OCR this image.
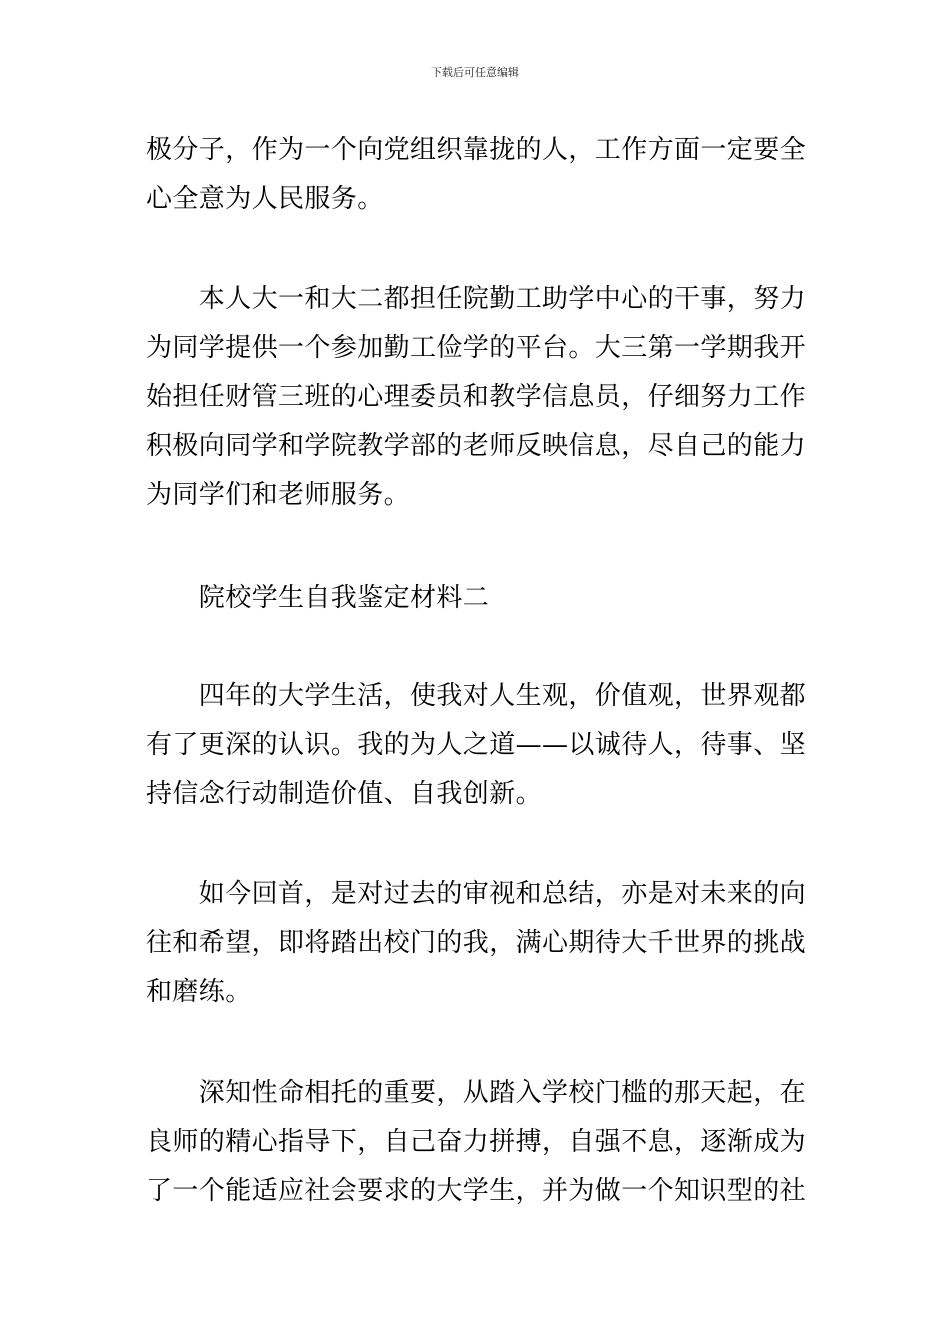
下载后可任意编辑
极分子，作为一个向党组织靠拢的人，工作方面一定要全
心全意为人民服务。
　　本人大一和大二都担任院勤工助学中心的干事，努力
为同学提供一个参加勤工俭学的平台。大三第一学期我开
始担任财管三班的心理委员和教学信息员，仔细努力工作
积极向同学和学院教学部的老师反映信息，尽自己的能力
为同学们和老师服务。
　　院校学生自我鉴定材料二
　　四年的大学生活，使我对人生观，价值观，世界观都
有了更深的认识。我的为人之道——以诚待人，待事、坚
持信念行动制造价值、自我创新。
　　如今回首，是对过去的审视和总结，亦是对未来的向
往和希望，即将踏出校门的我，满心期待大千世界的挑战
和磨练。
　　深知性命相托的重要，从踏入学校门槛的那天起，在
良师的精心指导下，自己奋力拼搏，自强不息，逐渐成为
了一个能适应社会要求的大学生，并为做一个知识型的社
